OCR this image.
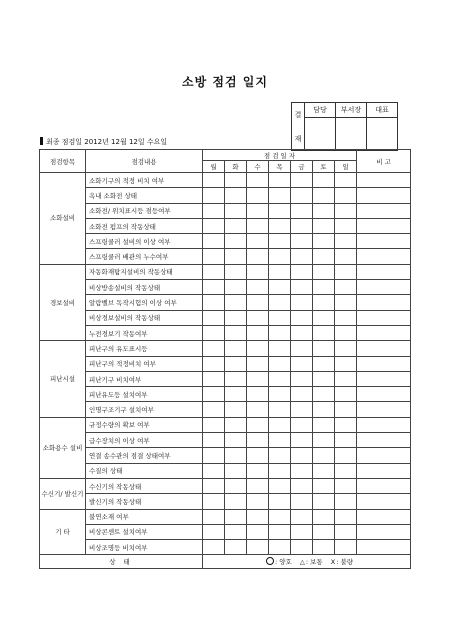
소방 점검 일지
결

재	담당	부서장	대표

최종 점검일 2012년 12월 12일 수요일
점검항목	점검내용	점 검 일 자							비 고
		월	화	수	목	금	토	일	
소화설비	소화기구의 적정 비치 여부								
	옥내 소화전 상태								
	소화전/ 위치표시등 점등여부								
	소화전 펌프의 작동상태								
	스프링쿨러 설비의 이상 여부								
	스프링쿨러 배관의 누수여부								
경보설비	자동화재탐지설비의 작동상태								
	비상방송설비의 작동상태								
	알람벨브 독작시험의 이상 여부								
	비상경보설비의 작동상태								
	누전경보기 작동여부								
피난시설	피난구의 유도표시등								
	피난구의 적정비치 여부								
	피난기구 비치여부								
	피난유도등 설치여부								
	인명구조기구 설치여부								
소화용수 설비	규정수량의 확보 여부								
	급수장치의 이상 여부								
	연결 송수관의 점결 상태여부								
	수질의 상태								
수신기/ 발신기	수신기의 작동상태								
	발신기의 작동상태								
기 타	불연소재 여부								
	비상콘센트 설치여부								
	비상조명등 비치여부								
상 태		: 양호 △: 보통 X: 불량							
